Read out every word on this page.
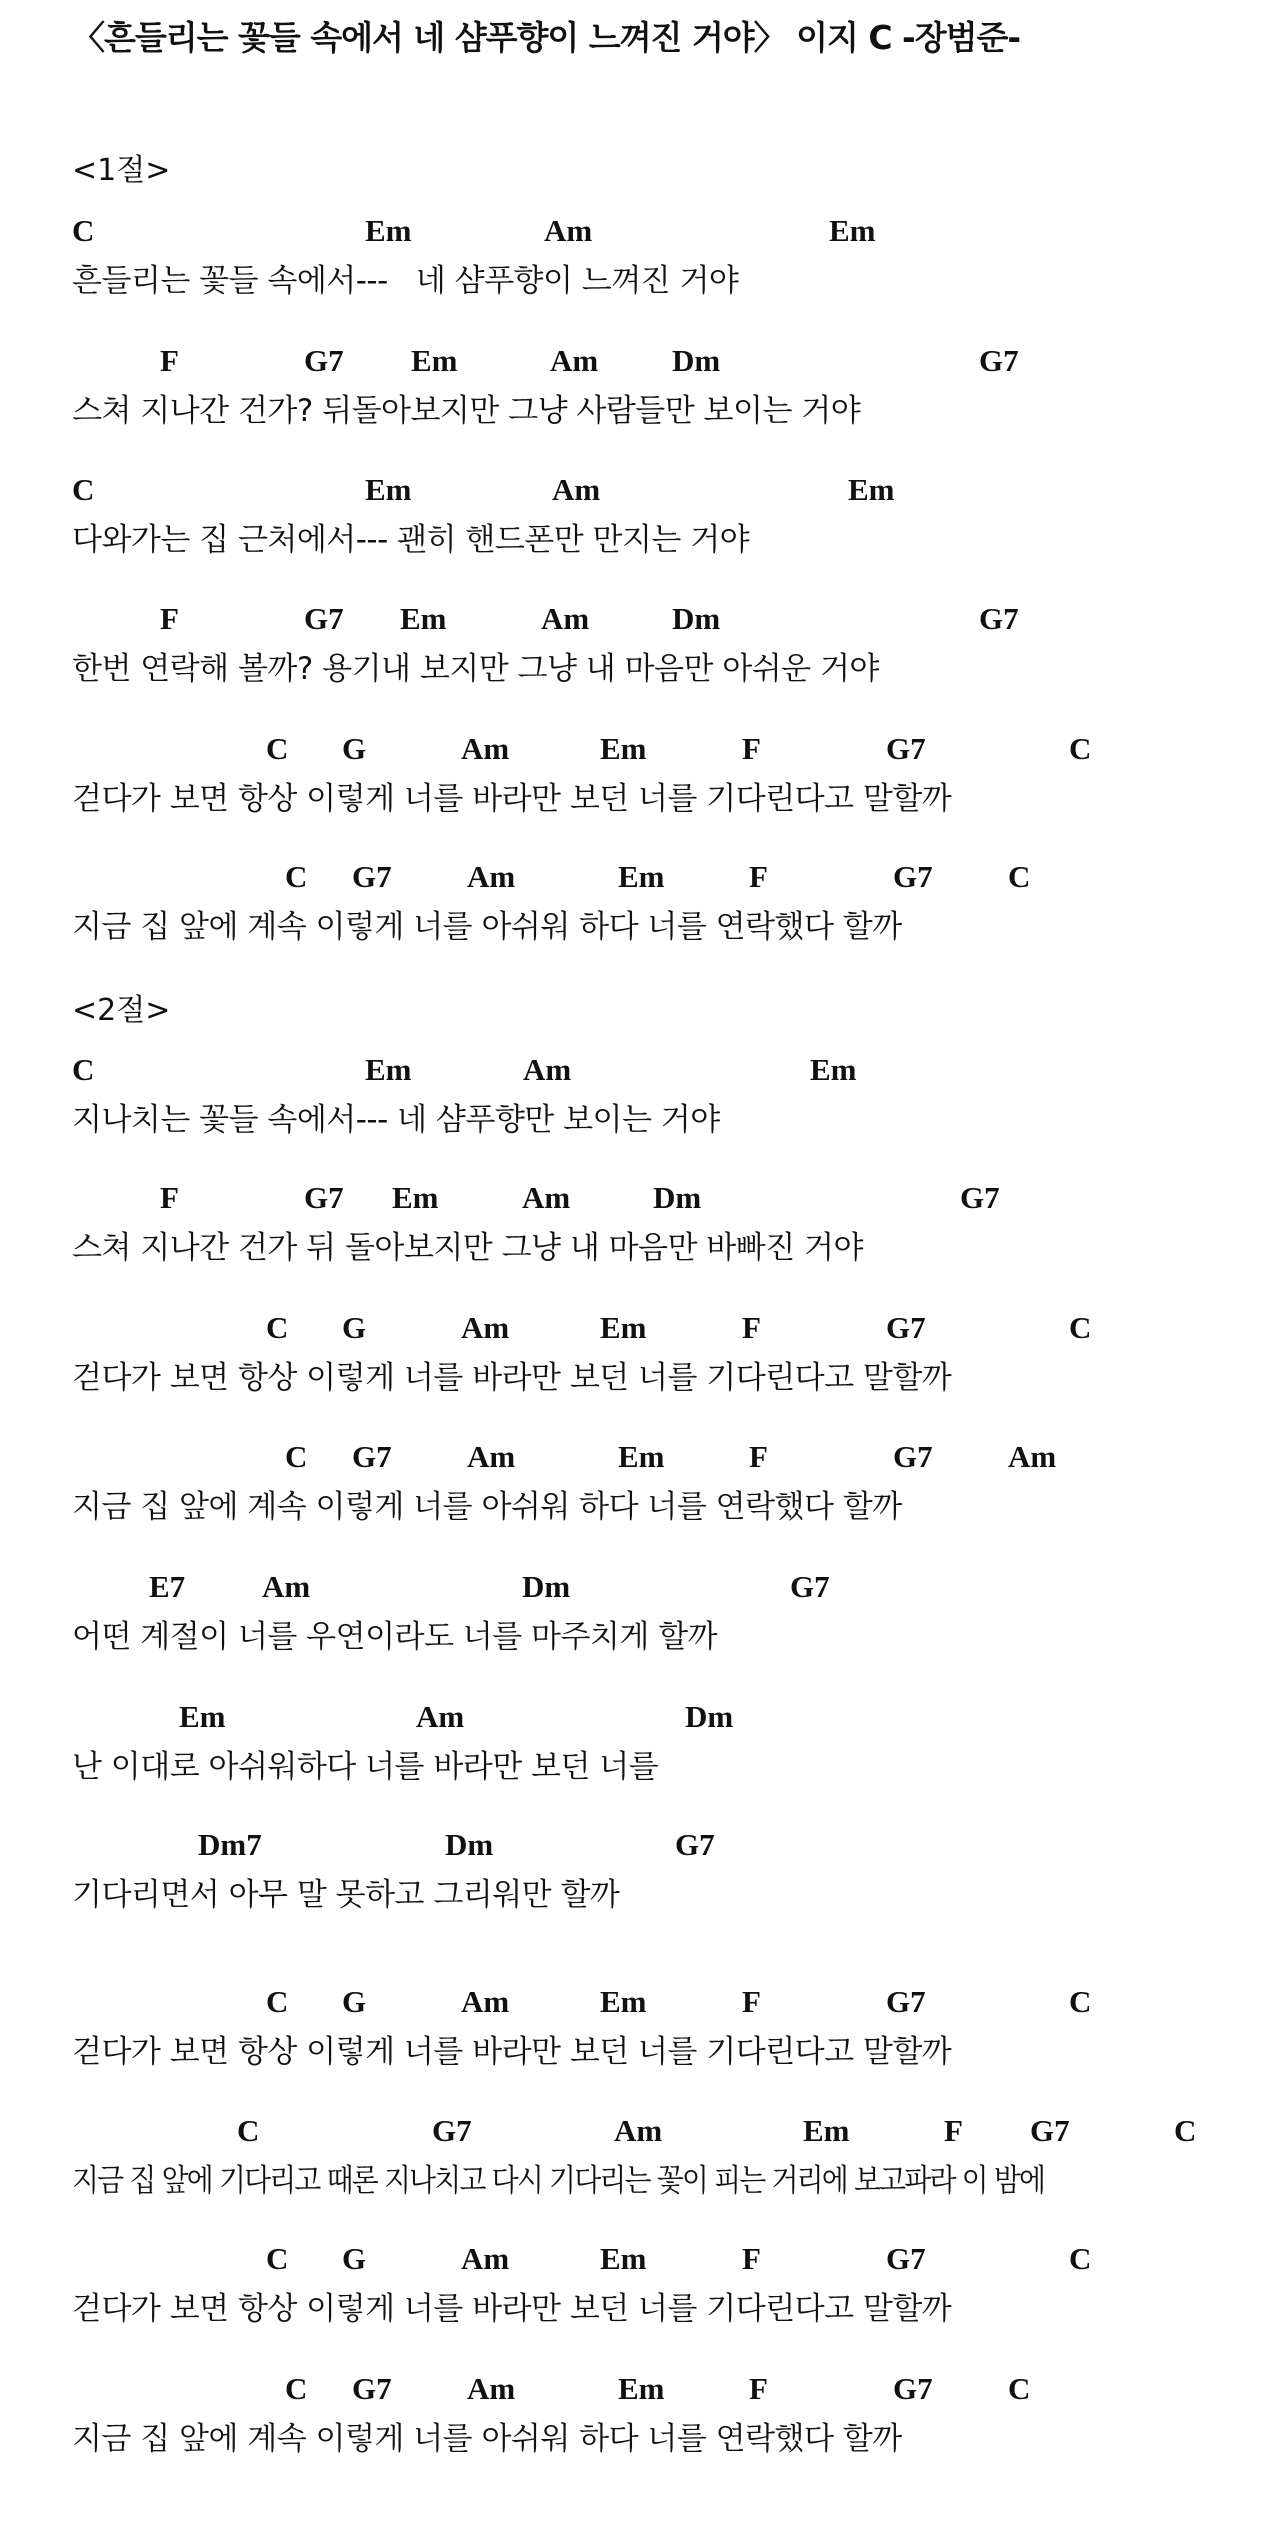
〈흔들리는 꽃들 속에서 네 샴푸향이 느껴진 거야〉 이지 C -장범준-
<1절>
<2절>
C	Em	Am	Em
흔들리는 꽃들 속에서---   네 샴푸향이 느껴진 거야
F	G7 Em	Am Dm	G7
스쳐 지나간 건가? 뒤돌아보지만 그냥 사람들만 보이는 거야
C	Em	Am	Em
다와가는 집 근처에서--- 괜히 핸드폰만 만지는 거야
F	G7 Em	Am	Dm	G7
한번 연락해 볼까? 용기내 보지만 그냥 내 마음만 아쉬운 거야
C G	Am	Em	F	G7	C
걷다가 보면 항상 이렇게 너를 바라만 보던 너를 기다린다고 말할까
C G7 Am	Em	F	G7 C
지금 집 앞에 계속 이렇게 너를 아쉬워 하다 너를 연락했다 할까
C	Em	Am	Em
지나치는 꽃들 속에서--- 네 샴푸향만 보이는 거야
F	G7 Em	Am	Dm	G7
스쳐 지나간 건가 뒤 돌아보지만 그냥 내 마음만 바빠진 거야
C G	Am	Em	F	G7	C
걷다가 보면 항상 이렇게 너를 바라만 보던 너를 기다린다고 말할까
C G7 Am	Em	F	G7 Am
지금 집 앞에 계속 이렇게 너를 아쉬워 하다 너를 연락했다 할까
E7 Am	Dm	G7
어떤 계절이 너를 우연이라도 너를 마주치게 할까
Em	Am	Dm
난 이대로 아쉬워하다 너를 바라만 보던 너를
Dm7	Dm	G7
기다리면서 아무 말 못하고 그리워만 할까
C G	Am	Em	F	G7	C
걷다가 보면 항상 이렇게 너를 바라만 보던 너를 기다린다고 말할까
C	G7	Am	Em	F G7	C
지금 집 앞에 기다리고 때론 지나치고 다시 기다리는 꽃이 피는 거리에 보고파라 이 밤에
C G	Am	Em	F	G7	C
걷다가 보면 항상 이렇게 너를 바라만 보던 너를 기다린다고 말할까
C G7 Am	Em	F	G7 C
지금 집 앞에 계속 이렇게 너를 아쉬워 하다 너를 연락했다 할까
